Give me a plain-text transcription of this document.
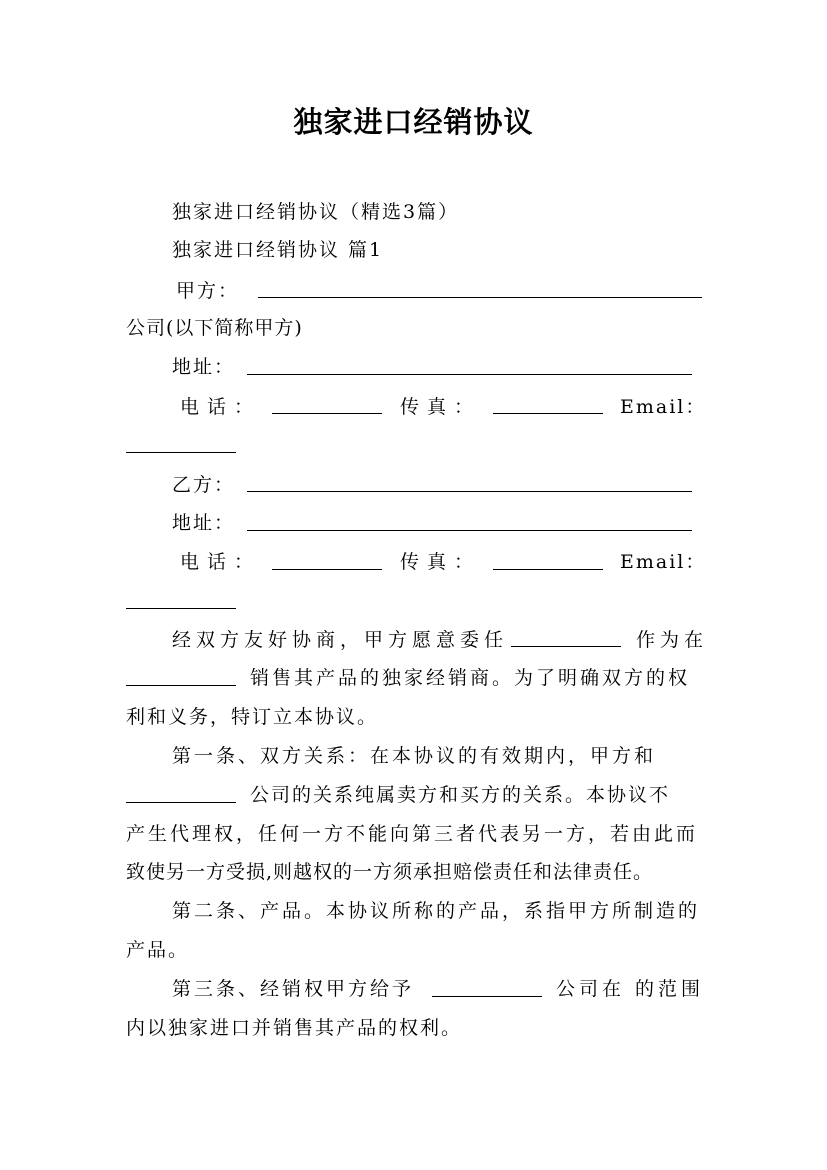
独家进口经销协议
独家进口经销协议（精选3篇）
独家进口经销协议 篇1
甲方：
公司(以下简称甲方)
地址：
电话：	传真：	Email：
乙方：
地址：
电话：	传真：	Email：
经双方友好协商，甲方愿意委任	作为在
销售其产品的独家经销商。为了明确双方的权
利和义务，特订立本协议。
第一条、双方关系：在本协议的有效期内，甲方和
公司的关系纯属卖方和买方的关系。本协议不
产生代理权，任何一方不能向第三者代表另一方，若由此而
致使另一方受损,则越权的一方须承担赔偿责任和法律责任。
第二条、产品。本协议所称的产品，系指甲方所制造的
产品。
第三条、经销权甲方给予	公司在 的范围
内以独家进口并销售其产品的权利。
